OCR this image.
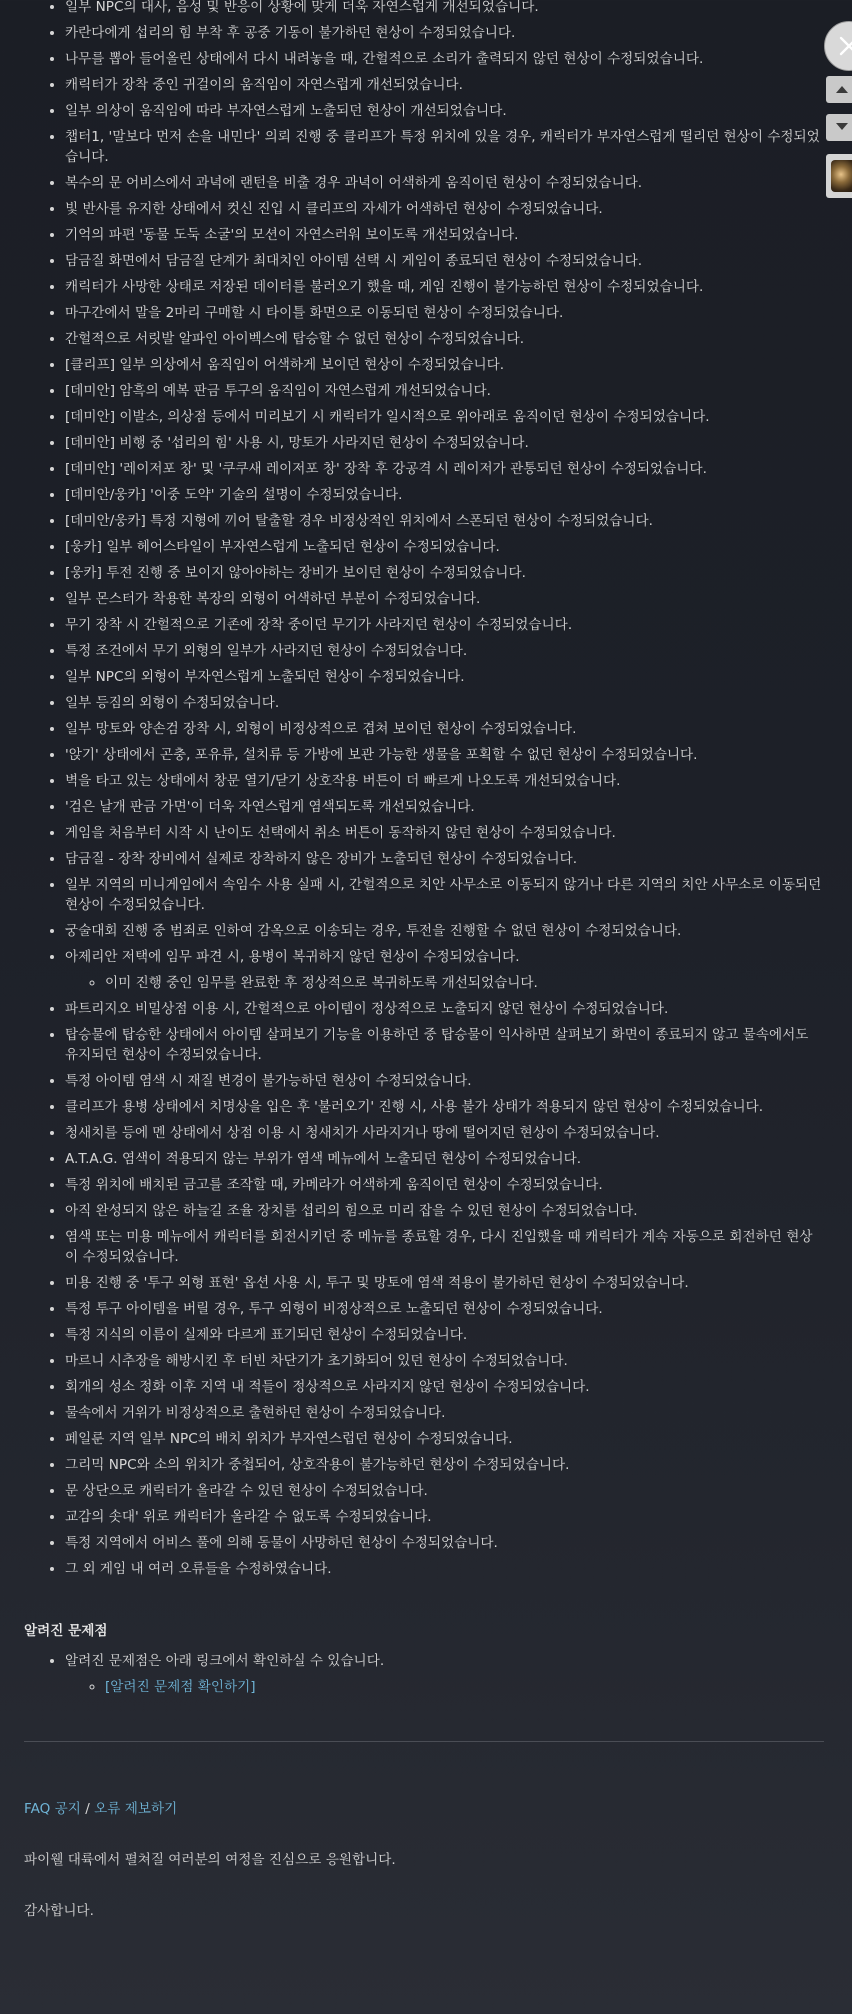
• 일부 NPC의 대사, 음성 및 반응이 상황에 맞게 더욱 자연스럽게 개선되었습니다.
• 카란다에게 섭리의 힘 부착 후 공중 기동이 불가하던 현상이 수정되었습니다.
• 나무를 뽑아 들어올린 상태에서 다시 내려놓을 때, 간헐적으로 소리가 출력되지 않던 현상이 수정되었습니다.
• 캐릭터가 장착 중인 귀걸이의 움직임이 자연스럽게 개선되었습니다.
• 일부 의상이 움직임에 따라 부자연스럽게 노출되던 현상이 개선되었습니다.
• 챕터1, '말보다 먼저 손을 내민다' 의뢰 진행 중 클리프가 특정 위치에 있을 경우, 캐릭터가 부자연스럽게 떨리던 현상이 수정되었습니다.
• 복수의 문 어비스에서 과녁에 랜턴을 비출 경우 과녁이 어색하게 움직이던 현상이 수정되었습니다.
• 빛 반사를 유지한 상태에서 컷신 진입 시 클리프의 자세가 어색하던 현상이 수정되었습니다.
• 기억의 파편 '동물 도둑 소굴'의 모션이 자연스러워 보이도록 개선되었습니다.
• 담금질 화면에서 담금질 단계가 최대치인 아이템 선택 시 게임이 종료되던 현상이 수정되었습니다.
• 캐릭터가 사망한 상태로 저장된 데이터를 불러오기 했을 때, 게임 진행이 불가능하던 현상이 수정되었습니다.
• 마구간에서 말을 2마리 구매할 시 타이틀 화면으로 이동되던 현상이 수정되었습니다.
• 간헐적으로 서릿발 알파인 아이벡스에 탑승할 수 없던 현상이 수정되었습니다.
• [클리프] 일부 의상에서 움직임이 어색하게 보이던 현상이 수정되었습니다.
• [데미안] 암흑의 예복 판금 투구의 움직임이 자연스럽게 개선되었습니다.
• [데미안] 이발소, 의상점 등에서 미리보기 시 캐릭터가 일시적으로 위아래로 움직이던 현상이 수정되었습니다.
• [데미안] 비행 중 '섭리의 힘' 사용 시, 망토가 사라지던 현상이 수정되었습니다.
• [데미안] '레이저포 창' 및 '쿠쿠새 레이저포 창' 장착 후 강공격 시 레이저가 관통되던 현상이 수정되었습니다.
• [데미안/웅카] '이중 도약' 기술의 설명이 수정되었습니다.
• [데미안/웅카] 특정 지형에 끼어 탈출할 경우 비정상적인 위치에서 스폰되던 현상이 수정되었습니다.
• [웅카] 일부 헤어스타일이 부자연스럽게 노출되던 현상이 수정되었습니다.
• [웅카] 투전 진행 중 보이지 않아야하는 장비가 보이던 현상이 수정되었습니다.
• 일부 몬스터가 착용한 복장의 외형이 어색하던 부분이 수정되었습니다.
• 무기 장착 시 간헐적으로 기존에 장착 중이던 무기가 사라지던 현상이 수정되었습니다.
• 특정 조건에서 무기 외형의 일부가 사라지던 현상이 수정되었습니다.
• 일부 NPC의 외형이 부자연스럽게 노출되던 현상이 수정되었습니다.
• 일부 등짐의 외형이 수정되었습니다.
• 일부 망토와 양손검 장착 시, 외형이 비정상적으로 겹쳐 보이던 현상이 수정되었습니다.
• '앉기' 상태에서 곤충, 포유류, 설치류 등 가방에 보관 가능한 생물을 포획할 수 없던 현상이 수정되었습니다.
• 벽을 타고 있는 상태에서 창문 열기/닫기 상호작용 버튼이 더 빠르게 나오도록 개선되었습니다.
• '검은 날개 판금 가면'이 더욱 자연스럽게 염색되도록 개선되었습니다.
• 게임을 처음부터 시작 시 난이도 선택에서 취소 버튼이 동작하지 않던 현상이 수정되었습니다.
• 담금질 - 장착 장비에서 실제로 장착하지 않은 장비가 노출되던 현상이 수정되었습니다.
• 일부 지역의 미니게임에서 속임수 사용 실패 시, 간헐적으로 치안 사무소로 이동되지 않거나 다른 지역의 치안 사무소로 이동되던 현상이 수정되었습니다.
• 궁술대회 진행 중 범죄로 인하여 감옥으로 이송되는 경우, 투전을 진행할 수 없던 현상이 수정되었습니다.
• 아제리안 저택에 임무 파견 시, 용병이 복귀하지 않던 현상이 수정되었습니다.
◦ 이미 진행 중인 임무를 완료한 후 정상적으로 복귀하도록 개선되었습니다.
• 파트리지오 비밀상점 이용 시, 간헐적으로 아이템이 정상적으로 노출되지 않던 현상이 수정되었습니다.
• 탑승물에 탑승한 상태에서 아이템 살펴보기 기능을 이용하던 중 탑승물이 익사하면 살펴보기 화면이 종료되지 않고 물속에서도 유지되던 현상이 수정되었습니다.
• 특정 아이템 염색 시 재질 변경이 불가능하던 현상이 수정되었습니다.
• 클리프가 용병 상태에서 치명상을 입은 후 '불러오기' 진행 시, 사용 불가 상태가 적용되지 않던 현상이 수정되었습니다.
• 청새치를 등에 멘 상태에서 상점 이용 시 청새치가 사라지거나 땅에 떨어지던 현상이 수정되었습니다.
• A.T.A.G. 염색이 적용되지 않는 부위가 염색 메뉴에서 노출되던 현상이 수정되었습니다.
• 특정 위치에 배치된 금고를 조작할 때, 카메라가 어색하게 움직이던 현상이 수정되었습니다.
• 아직 완성되지 않은 하늘길 조율 장치를 섭리의 힘으로 미리 잡을 수 있던 현상이 수정되었습니다.
• 염색 또는 미용 메뉴에서 캐릭터를 회전시키던 중 메뉴를 종료할 경우, 다시 진입했을 때 캐릭터가 계속 자동으로 회전하던 현상이 수정되었습니다.
• 미용 진행 중 '투구 외형 표현' 옵션 사용 시, 투구 및 망토에 염색 적용이 불가하던 현상이 수정되었습니다.
• 특정 투구 아이템을 버릴 경우, 투구 외형이 비정상적으로 노출되던 현상이 수정되었습니다.
• 특정 지식의 이름이 실제와 다르게 표기되던 현상이 수정되었습니다.
• 마르니 시추장을 해방시킨 후 터빈 차단기가 초기화되어 있던 현상이 수정되었습니다.
• 회개의 성소 정화 이후 지역 내 적들이 정상적으로 사라지지 않던 현상이 수정되었습니다.
• 물속에서 거위가 비정상적으로 출현하던 현상이 수정되었습니다.
• 페일룬 지역 일부 NPC의 배치 위치가 부자연스럽던 현상이 수정되었습니다.
• 그리믹 NPC와 소의 위치가 중첩되어, 상호작용이 불가능하던 현상이 수정되었습니다.
• 문 상단으로 캐릭터가 올라갈 수 있던 현상이 수정되었습니다.
• 교감의 솟대' 위로 캐릭터가 올라갈 수 없도록 수정되었습니다.
• 특정 지역에서 어비스 풀에 의해 동물이 사망하던 현상이 수정되었습니다.
• 그 외 게임 내 여러 오류들을 수정하였습니다.
알려진 문제점
• 알려진 문제점은 아래 링크에서 확인하실 수 있습니다.
◦ [알려진 문제점 확인하기]
FAQ 공지 / 오류 제보하기
파이웰 대륙에서 펼쳐질 여러분의 여정을 진심으로 응원합니다.
감사합니다.
